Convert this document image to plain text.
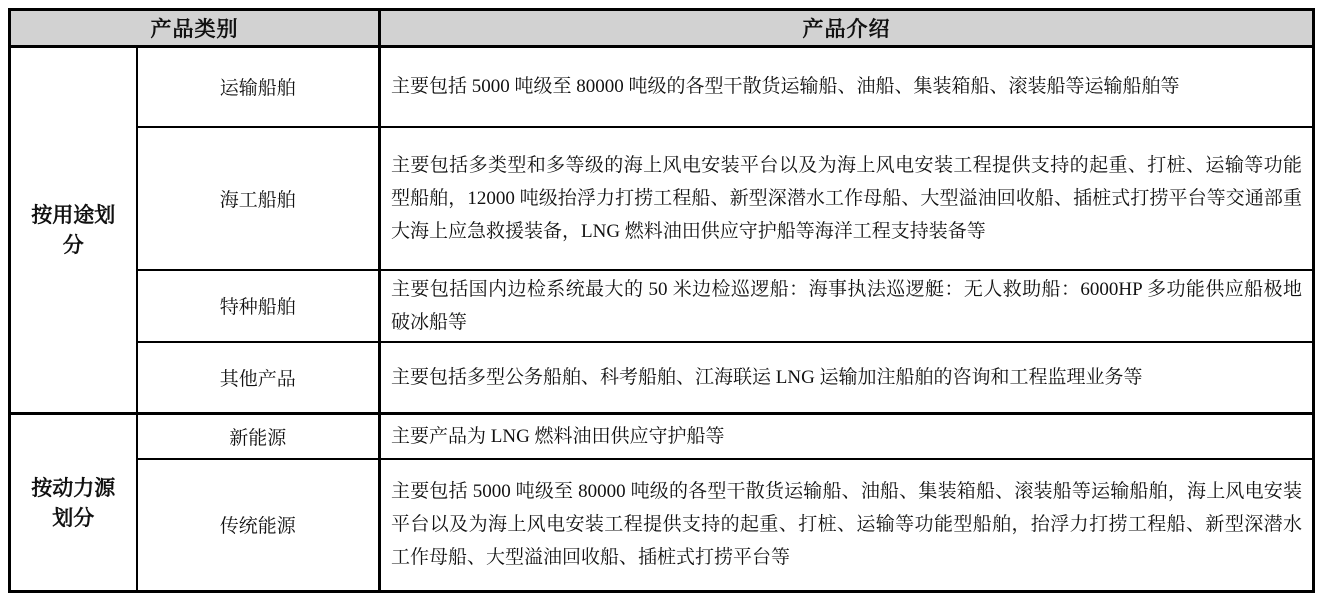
产品类别		产品介绍

按用途划分	运输船舶	主要包括 5000 吨级至 80000 吨级的各型干散货运输船、油船、集装箱船、滚装船等运输船舶等
	海工船舶	主要包括多类型和多等级的海上风电安装平台以及为海上风电安装工程提供支持的起重、打桩、运输等功能型船舶，12000 吨级抬浮力打捞工程船、新型深潜水工作母船、大型溢油回收船、插桩式打捞平台等交通部重大海上应急救援装备，LNG 燃料油田供应守护船等海洋工程支持装备等
	特种船舶	主要包括国内边检系统最大的 50 米边检巡逻船：海事执法巡逻艇：无人救助船：6000HP 多功能供应船极地破冰船等
	其他产品	主要包括多型公务船舶、科考船舶、江海联运 LNG 运输加注船舶的咨询和工程监理业务等

按动力源划分	新能源	主要产品为 LNG 燃料油田供应守护船等
	传统能源	主要包括 5000 吨级至 80000 吨级的各型干散货运输船、油船、集装箱船、滚装船等运输船舶，海上风电安装平台以及为海上风电安装工程提供支持的起重、打桩、运输等功能型船舶，抬浮力打捞工程船、新型深潜水工作母船、大型溢油回收船、插桩式打捞平台等
